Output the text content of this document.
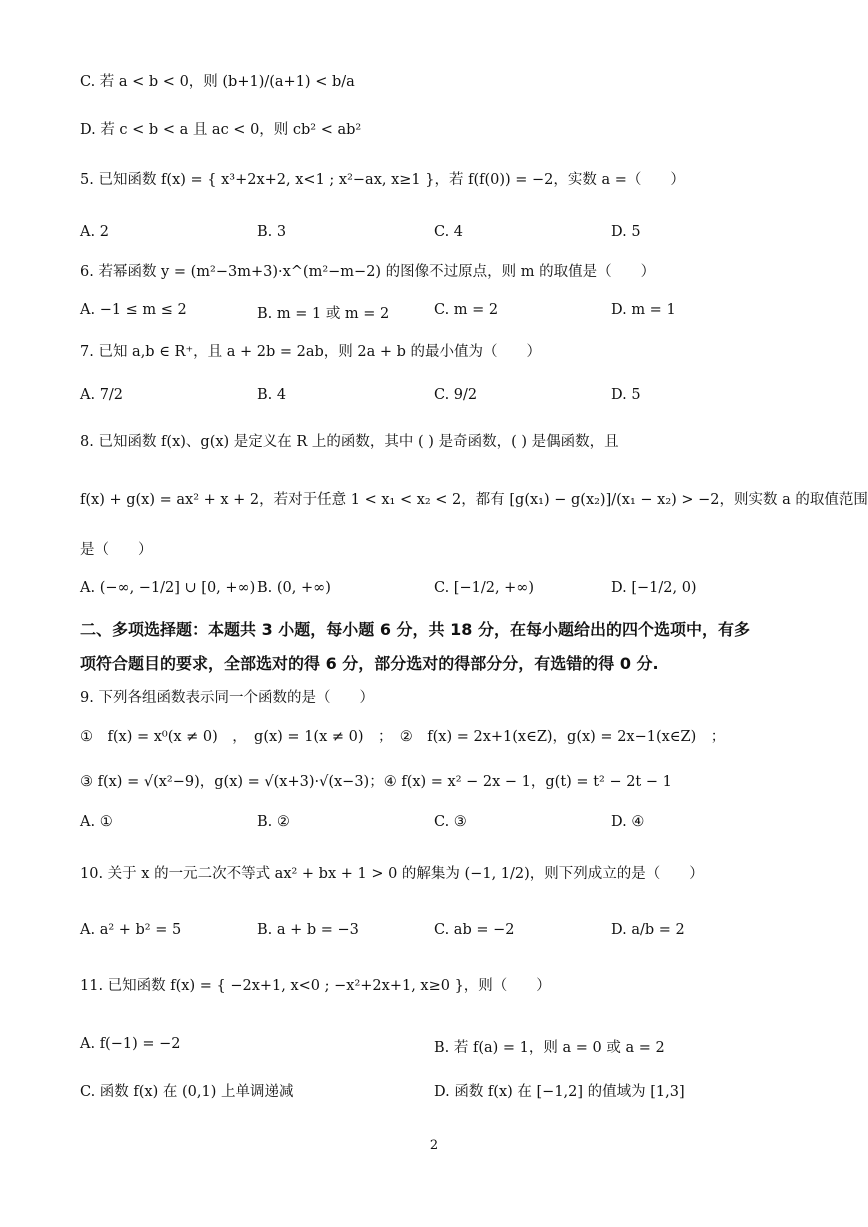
C. 若 a < b < 0，则 (b+1)/(a+1) < b/a
D. 若 c < b < a 且 ac < 0，则 cb² < ab²
5. 已知函数 f(x) = { x³+2x+2, x<1 ; x²−ax, x≥1 }，若 f(f(0)) = −2，实数 a =（　　）
6. 若幂函数 y = (m²−3m+3)·x^(m²−m−2) 的图像不过原点，则 m 的取值是（　　）
7. 已知 a,b ∈ R⁺，且 a + 2b = 2ab，则 2a + b 的最小值为（　　）
8. 已知函数 f(x)、g(x) 是定义在 R 上的函数，其中 ( ) 是奇函数，( ) 是偶函数，且
f(x) + g(x) = ax² + x + 2，若对于任意 1 < x₁ < x₂ < 2，都有 [g(x₁) − g(x₂)]/(x₁ − x₂) > −2，则实数 a 的取值范围
是（　　）
二、多项选择题：本题共 3 小题，每小题 6 分，共 18 分，在每小题给出的四个选项中，有多
项符合题目的要求，全部选对的得 6 分，部分选对的得部分分，有选错的得 0 分.
9. 下列各组函数表示同一个函数的是（　　）
①　f(x) = x⁰(x ≠ 0)　，　g(x) = 1(x ≠ 0)　；　②　f(x) = 2x+1(x∈Z)，g(x) = 2x−1(x∈Z)　；
③ f(x) = √(x²−9)，g(x) = √(x+3)·√(x−3)；④ f(x) = x² − 2x − 1，g(t) = t² − 2t − 1
10. 关于 x 的一元二次不等式 ax² + bx + 1 > 0 的解集为 (−1, 1/2)，则下列成立的是（　　）
11. 已知函数 f(x) = { −2x+1, x<0 ; −x²+2x+1, x≥0 }，则（　　）
A. 2	B. 3	C. 4	D. 5
A. −1 ≤ m ≤ 2	B. m = 1 或 m = 2	C. m = 2	D. m = 1
A. 7/2	B. 4	C. 9/2	D. 5
A. (−∞, −1/2] ∪ [0, +∞) B. (0, +∞)	C. [−1/2, +∞)	D. [−1/2, 0)
A. ①	B. ②	C. ③	D. ④
A. a² + b² = 5	B. a + b = −3	C. ab = −2	D. a/b = 2
A. f(−1) = −2	B. 若 f(a) = 1，则 a = 0 或 a = 2
C. 函数 f(x) 在 (0,1) 上单调递减	D. 函数 f(x) 在 [−1,2] 的值域为 [1,3]
2
